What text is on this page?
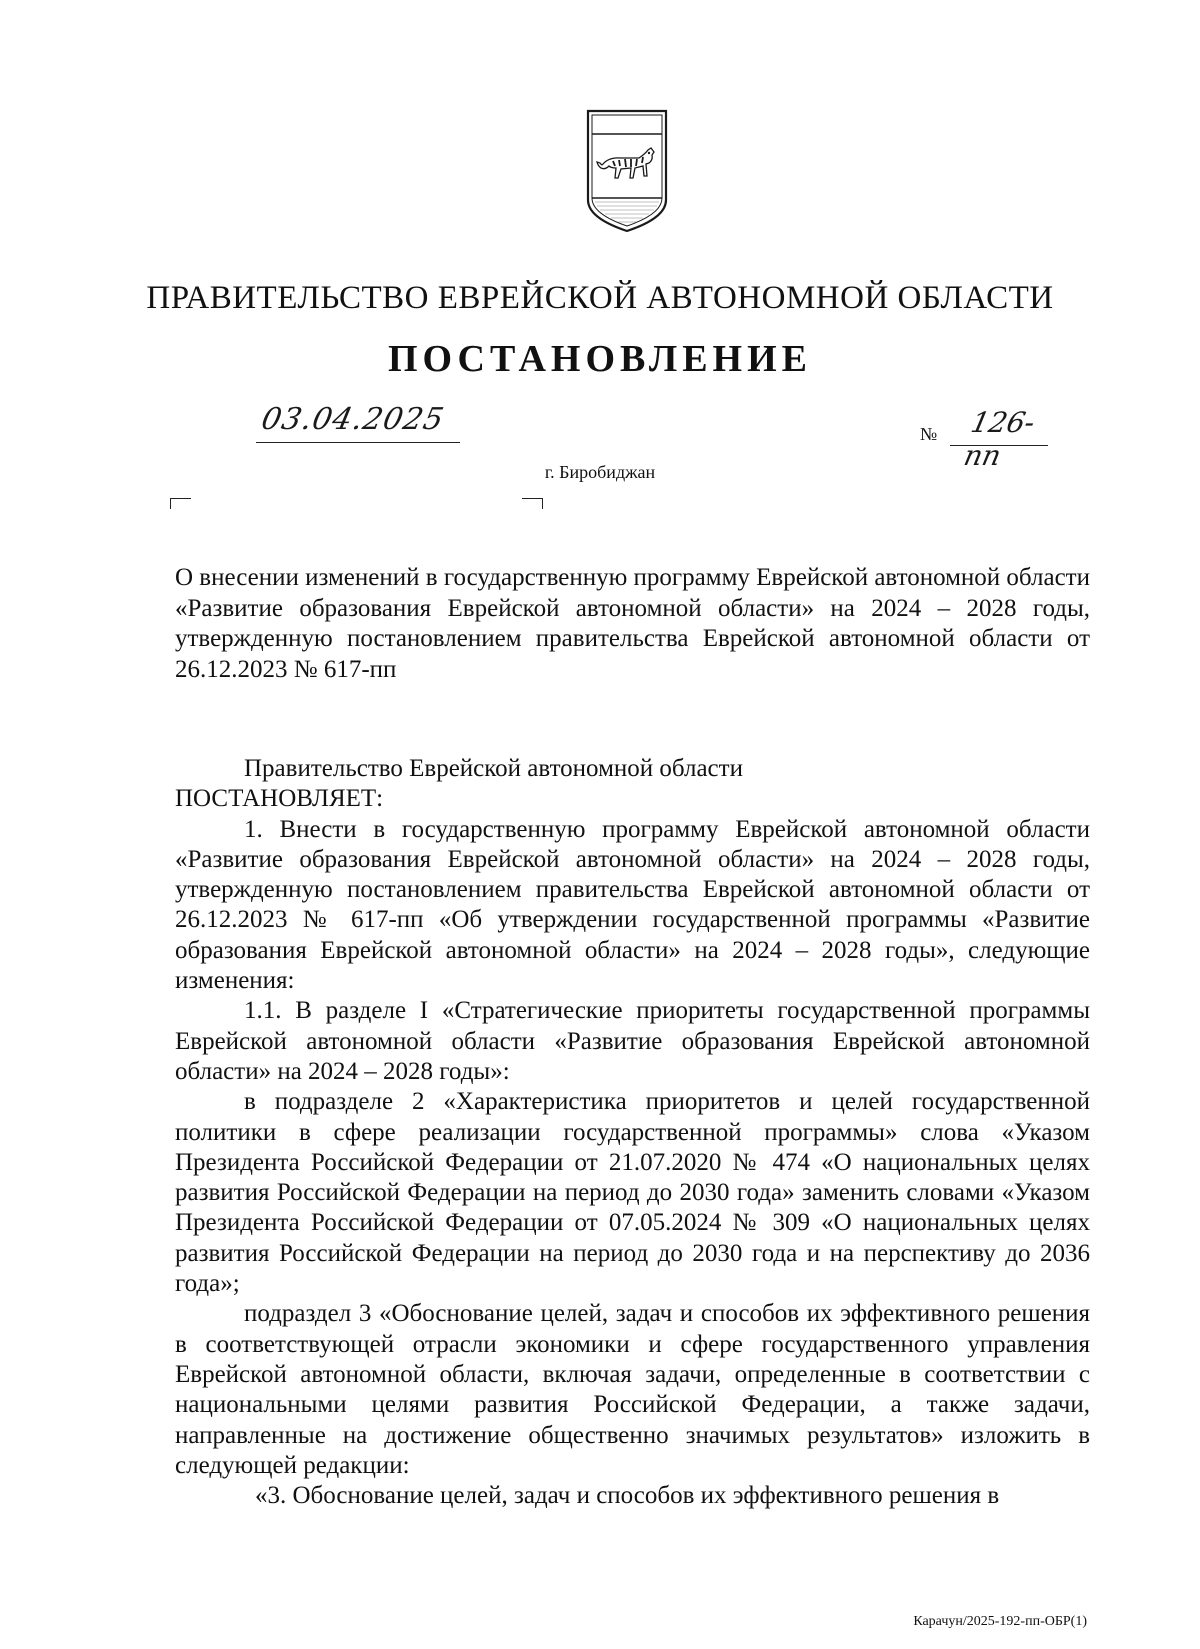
ПРАВИТЕЛЬСТВО ЕВРЕЙСКОЙ АВТОНОМНОЙ ОБЛАСТИ
ПОСТАНОВЛЕНИЕ
03.04.2025	№ 126-пп
г. Биробиджан
О внесении изменений в государственную программу Еврейской автономной области «Развитие образования Еврейской автономной области» на 2024 – 2028 годы, утвержденную постановлением правительства Еврейской автономной области от 26.12.2023 № 617-пп

Правительство Еврейской автономной области

ПОСТАНОВЛЯЕТ:

1. Внести в государственную программу Еврейской автономной области «Развитие образования Еврейской автономной области» на 2024 – 2028 годы, утвержденную постановлением правительства Еврейской автономной области от 26.12.2023 № 617-пп «Об утверждении государственной программы «Развитие образования Еврейской автономной области» на 2024 – 2028 годы», следующие изменения:

1.1. В разделе I «Стратегические приоритеты государственной программы Еврейской автономной области «Развитие образования Еврейской автономной области» на 2024 – 2028 годы»:

в подразделе 2 «Характеристика приоритетов и целей государственной политики в сфере реализации государственной программы» слова «Указом Президента Российской Федерации от 21.07.2020 № 474 «О национальных целях развития Российской Федерации на период до 2030 года» заменить словами «Указом Президента Российской Федерации от 07.05.2024 № 309 «О национальных целях развития Российской Федерации на период до 2030 года и на перспективу до 2036 года»;

подраздел 3 «Обоснование целей, задач и способов их эффективного решения в соответствующей отрасли экономики и сфере государственного управления Еврейской автономной области, включая задачи, определенные в соответствии с национальными целями развития Российской Федерации, а также задачи, направленные на достижение общественно значимых результатов» изложить в следующей редакции:

«3. Обоснование целей, задач и способов их эффективного решения в

Карачун/2025-192-пп-ОБР(1)
